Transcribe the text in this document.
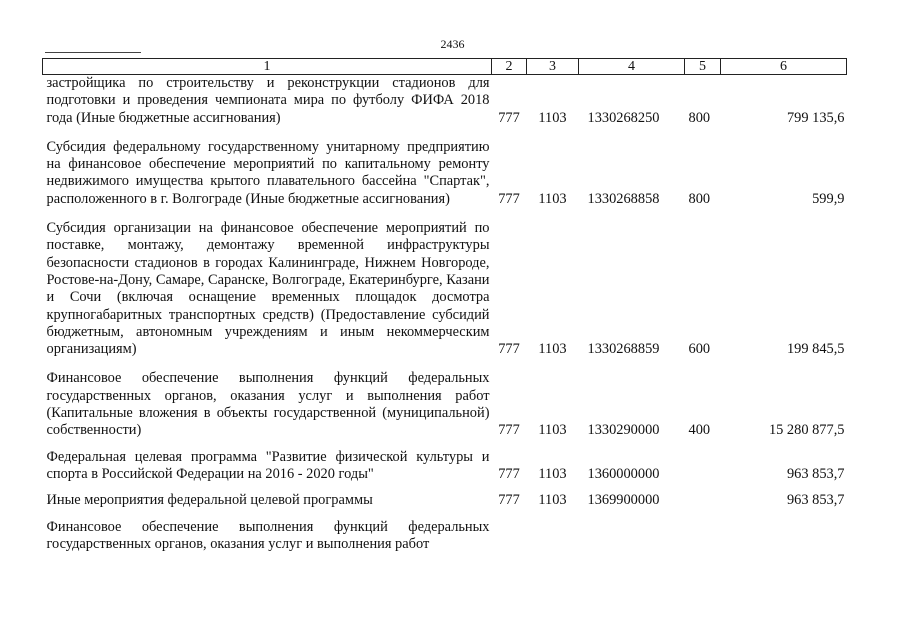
2436
1	2	3	4	5	6
застройщика по строительству и реконструкции стадионов для подготовки и проведения чемпионата мира по футболу ФИФА 2018 года (Иные бюджетные ассигнования)	777	1103	1330268250	800	799 135,6
Субсидия федеральному государственному унитарному предприятию на финансовое обеспечение мероприятий по капитальному ремонту недвижимого имущества крытого плавательного бассейна "Спартак", расположенного в г. Волгограде (Иные бюджетные ассигнования)	777	1103	1330268858	800	599,9
Субсидия организации на финансовое обеспечение мероприятий по поставке, монтажу, демонтажу временной инфраструктуры безопасности стадионов в городах Калининграде, Нижнем Новгороде, Ростове-на-Дону, Самаре, Саранске, Волгограде, Екатеринбурге, Казани и Сочи (включая оснащение временных площадок досмотра крупногабаритных транспортных средств) (Предоставление субсидий бюджетным, автономным учреждениям и иным некоммерческим организациям)	777	1103	1330268859	600	199 845,5
Финансовое обеспечение выполнения функций федеральных государственных органов, оказания услуг и выполнения работ (Капитальные вложения в объекты государственной (муниципальной) собственности)	777	1103	1330290000	400	15 280 877,5
Федеральная целевая программа "Развитие физической культуры и спорта в Российской Федерации на 2016 - 2020 годы"	777	1103	1360000000		963 853,7
Иные мероприятия федеральной целевой программы	777	1103	1369900000		963 853,7
Финансовое обеспечение выполнения функций федеральных государственных органов, оказания услуг и выполнения работ					
